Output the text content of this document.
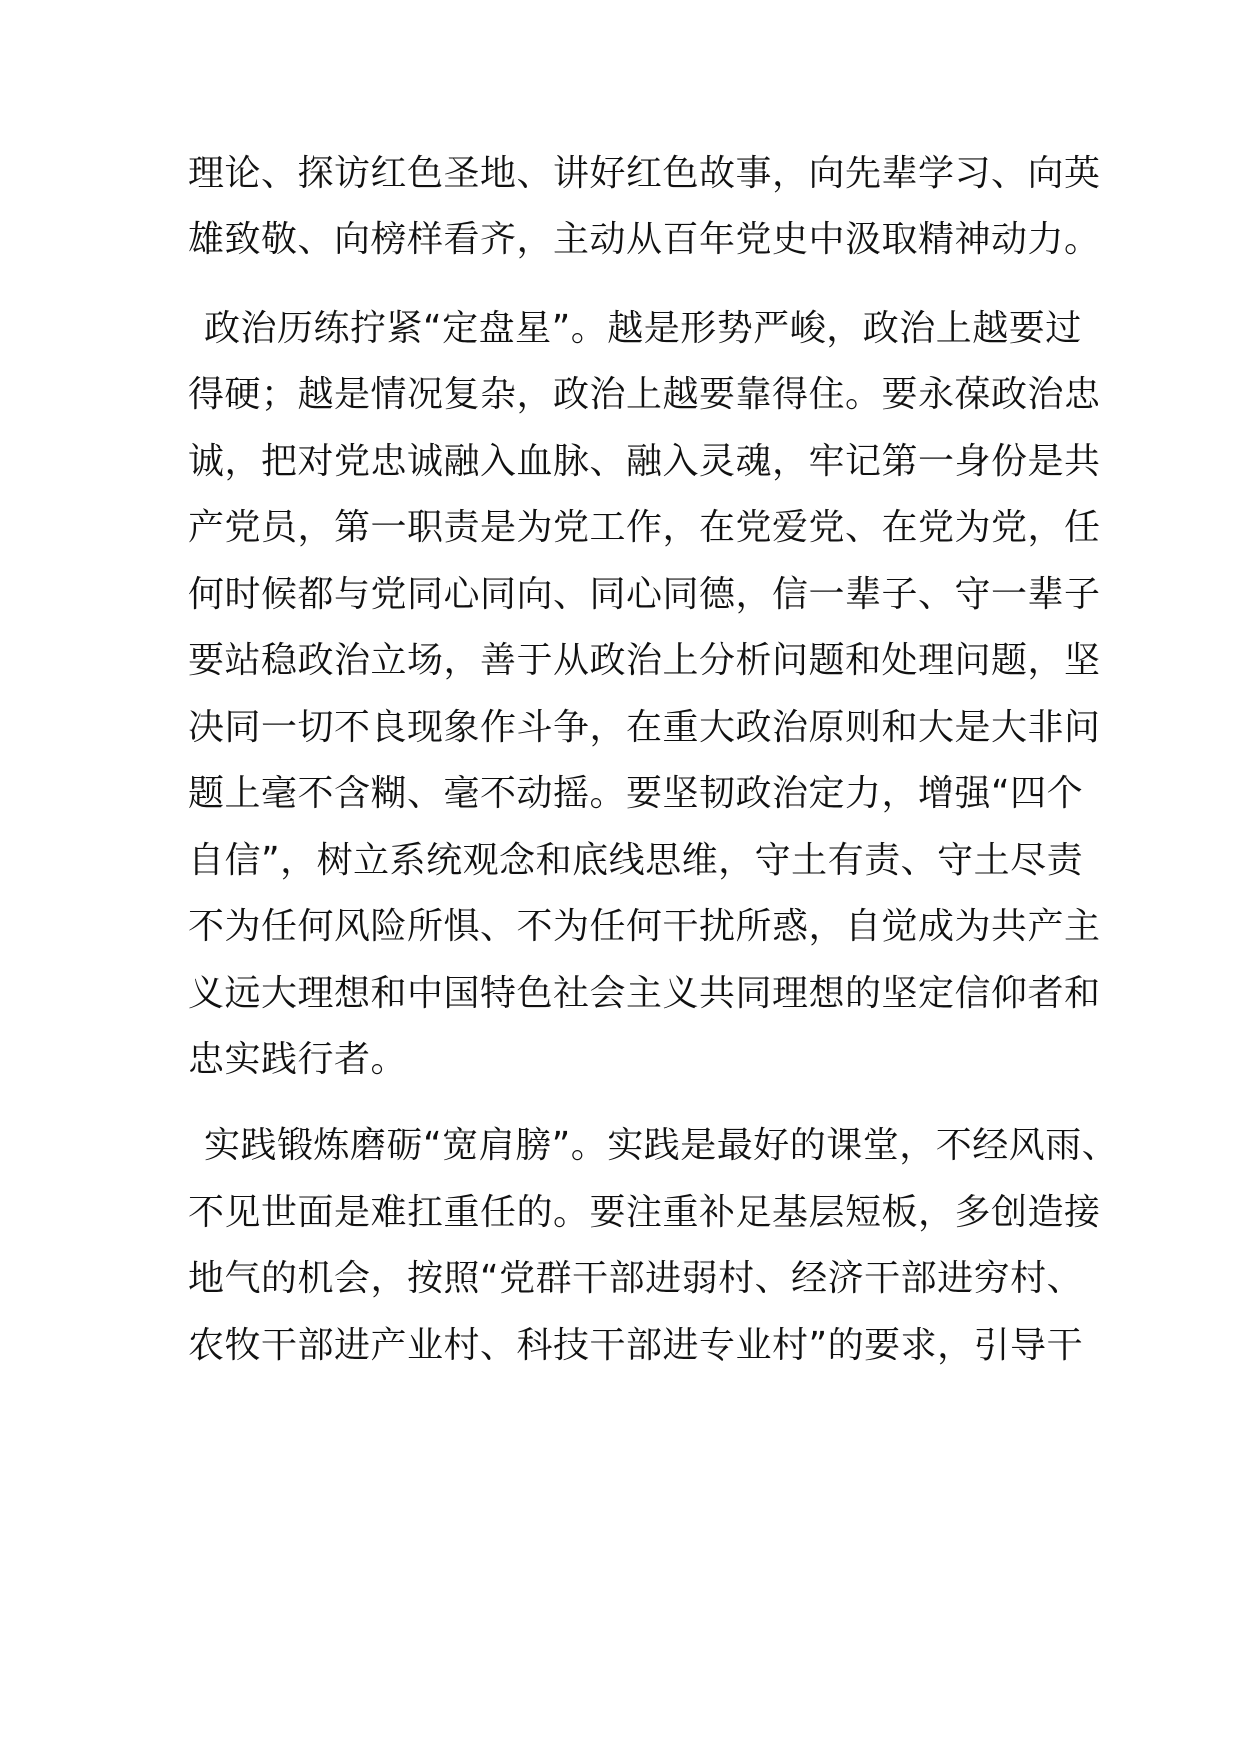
理论、探访红色圣地、讲好红色故事，向先辈学习、向英
雄致敬、向榜样看齐，主动从百年党史中汲取精神动力。
政治历练拧紧“定盘星”。越是形势严峻，政治上越要过
得硬；越是情况复杂，政治上越要靠得住。要永葆政治忠
诚，把对党忠诚融入血脉、融入灵魂，牢记第一身份是共
产党员，第一职责是为党工作，在党爱党、在党为党，任
何时候都与党同心同向、同心同德，信一辈子、守一辈子
要站稳政治立场，善于从政治上分析问题和处理问题，坚
决同一切不良现象作斗争，在重大政治原则和大是大非问
题上毫不含糊、毫不动摇。要坚韧政治定力，增强“四个
自信”，树立系统观念和底线思维，守土有责、守土尽责
不为任何风险所惧、不为任何干扰所惑，自觉成为共产主
义远大理想和中国特色社会主义共同理想的坚定信仰者和
忠实践行者。
实践锻炼磨砺“宽肩膀”。实践是最好的课堂，不经风雨、
不见世面是难扛重任的。要注重补足基层短板，多创造接
地气的机会，按照“党群干部进弱村、经济干部进穷村、
农牧干部进产业村、科技干部进专业村”的要求，引导干
